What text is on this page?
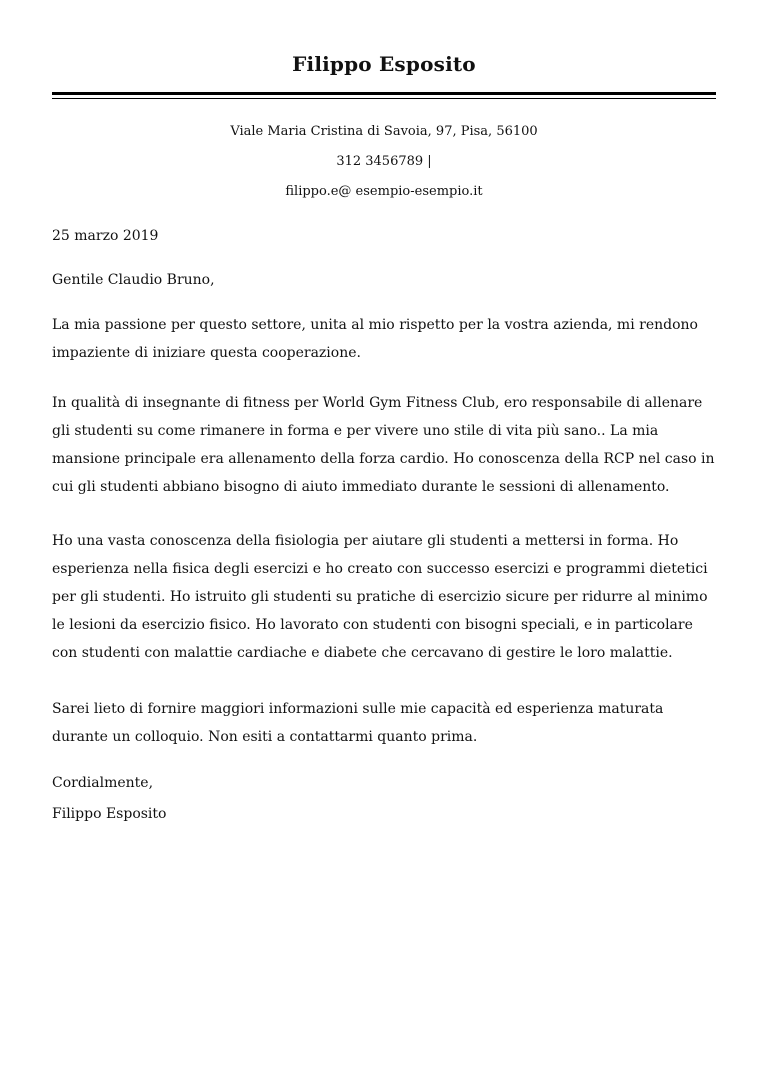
Filippo Esposito
Viale Maria Cristina di Savoia, 97, Pisa, 56100
312 3456789 |
filippo.e@ esempio-esempio.it
25 marzo 2019
Gentile Claudio Bruno,
La mia passione per questo settore, unita al mio rispetto per la vostra azienda, mi rendono impaziente di iniziare questa cooperazione.
In qualità di insegnante di fitness per World Gym Fitness Club, ero responsabile di allenare gli studenti su come rimanere in forma e per vivere uno stile di vita più sano.. La mia mansione principale era allenamento della forza cardio. Ho conoscenza della RCP nel caso in cui gli studenti abbiano bisogno di aiuto immediato durante le sessioni di allenamento.
Ho una vasta conoscenza della fisiologia per aiutare gli studenti a mettersi in forma. Ho esperienza nella fisica degli esercizi e ho creato con successo esercizi e programmi dietetici per gli studenti. Ho istruito gli studenti su pratiche di esercizio sicure per ridurre al minimo le lesioni da esercizio fisico. Ho lavorato con studenti con bisogni speciali, e in particolare con studenti con malattie cardiache e diabete che cercavano di gestire le loro malattie.
Sarei lieto di fornire maggiori informazioni sulle mie capacità ed esperienza maturata durante un colloquio. Non esiti a contattarmi quanto prima.
Cordialmente,
Filippo Esposito
